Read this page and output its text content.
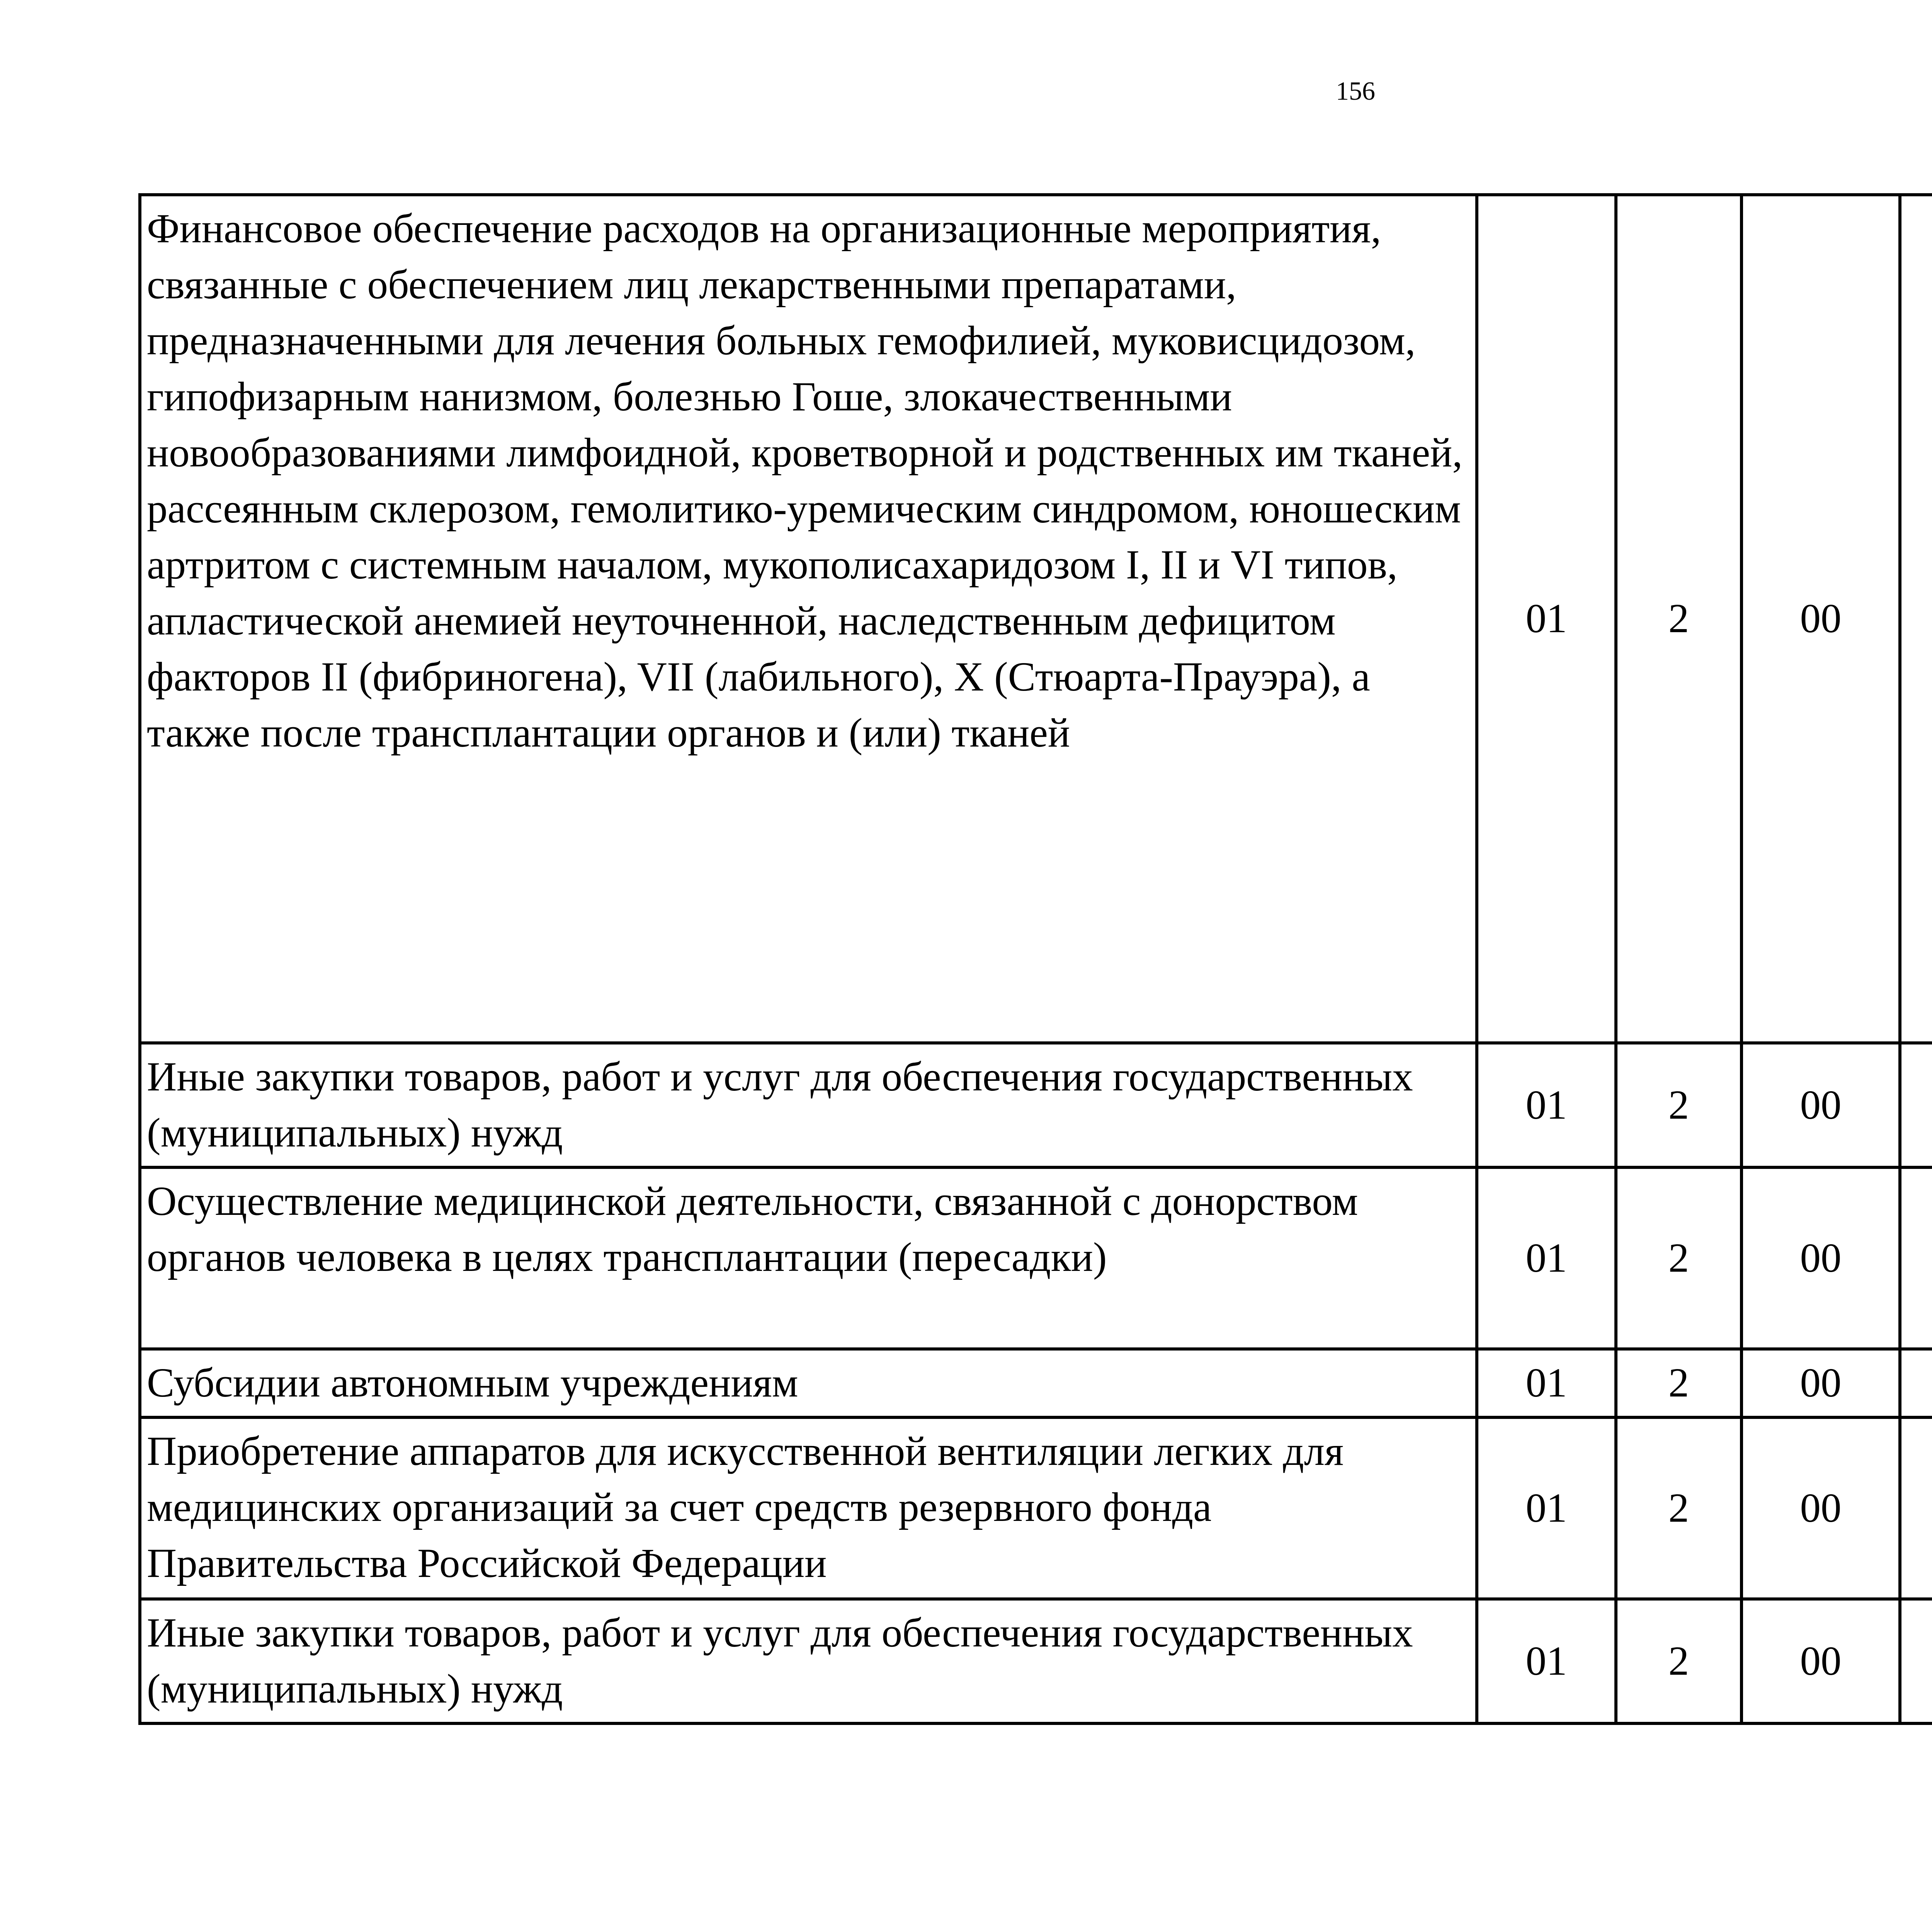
156
Финансовое обеспечение расходов на организационные мероприятия, связанные с обеспечением лиц лекарственными препаратами, предназначенными для лечения больных гемофилией, муковисцидозом, гипофизарным нанизмом, болезнью Гоше, злокачественными новообразованиями лимфоидной, кроветворной и родственных им тканей, рассеянным склерозом, гемолитико-уремическим синдромом, юношеским артритом с системным началом, мукополисахаридозом I, II и VI типов, апластической анемией неуточненной, наследственным дефицитом факторов II (фибриногена), VII (лабильного), X (Стюарта-Прауэра), а также после трансплантации органов и (или) тканей	01	2	00			
Иные закупки товаров, работ и услуг для обеспечения государственных (муниципальных) нужд	01	2	00			
Осуществление медицинской деятельности, связанной с донорством органов человека в целях трансплантации (пересадки)	01	2	00			
Субсидии автономным учреждениям	01	2	00			
Приобретение аппаратов для искусственной вентиляции легких для медицинских организаций за счет средств резервного фонда Правительства Российской Федерации	01	2	00			
Иные закупки товаров, работ и услуг для обеспечения государственных (муниципальных) нужд	01	2	00			
